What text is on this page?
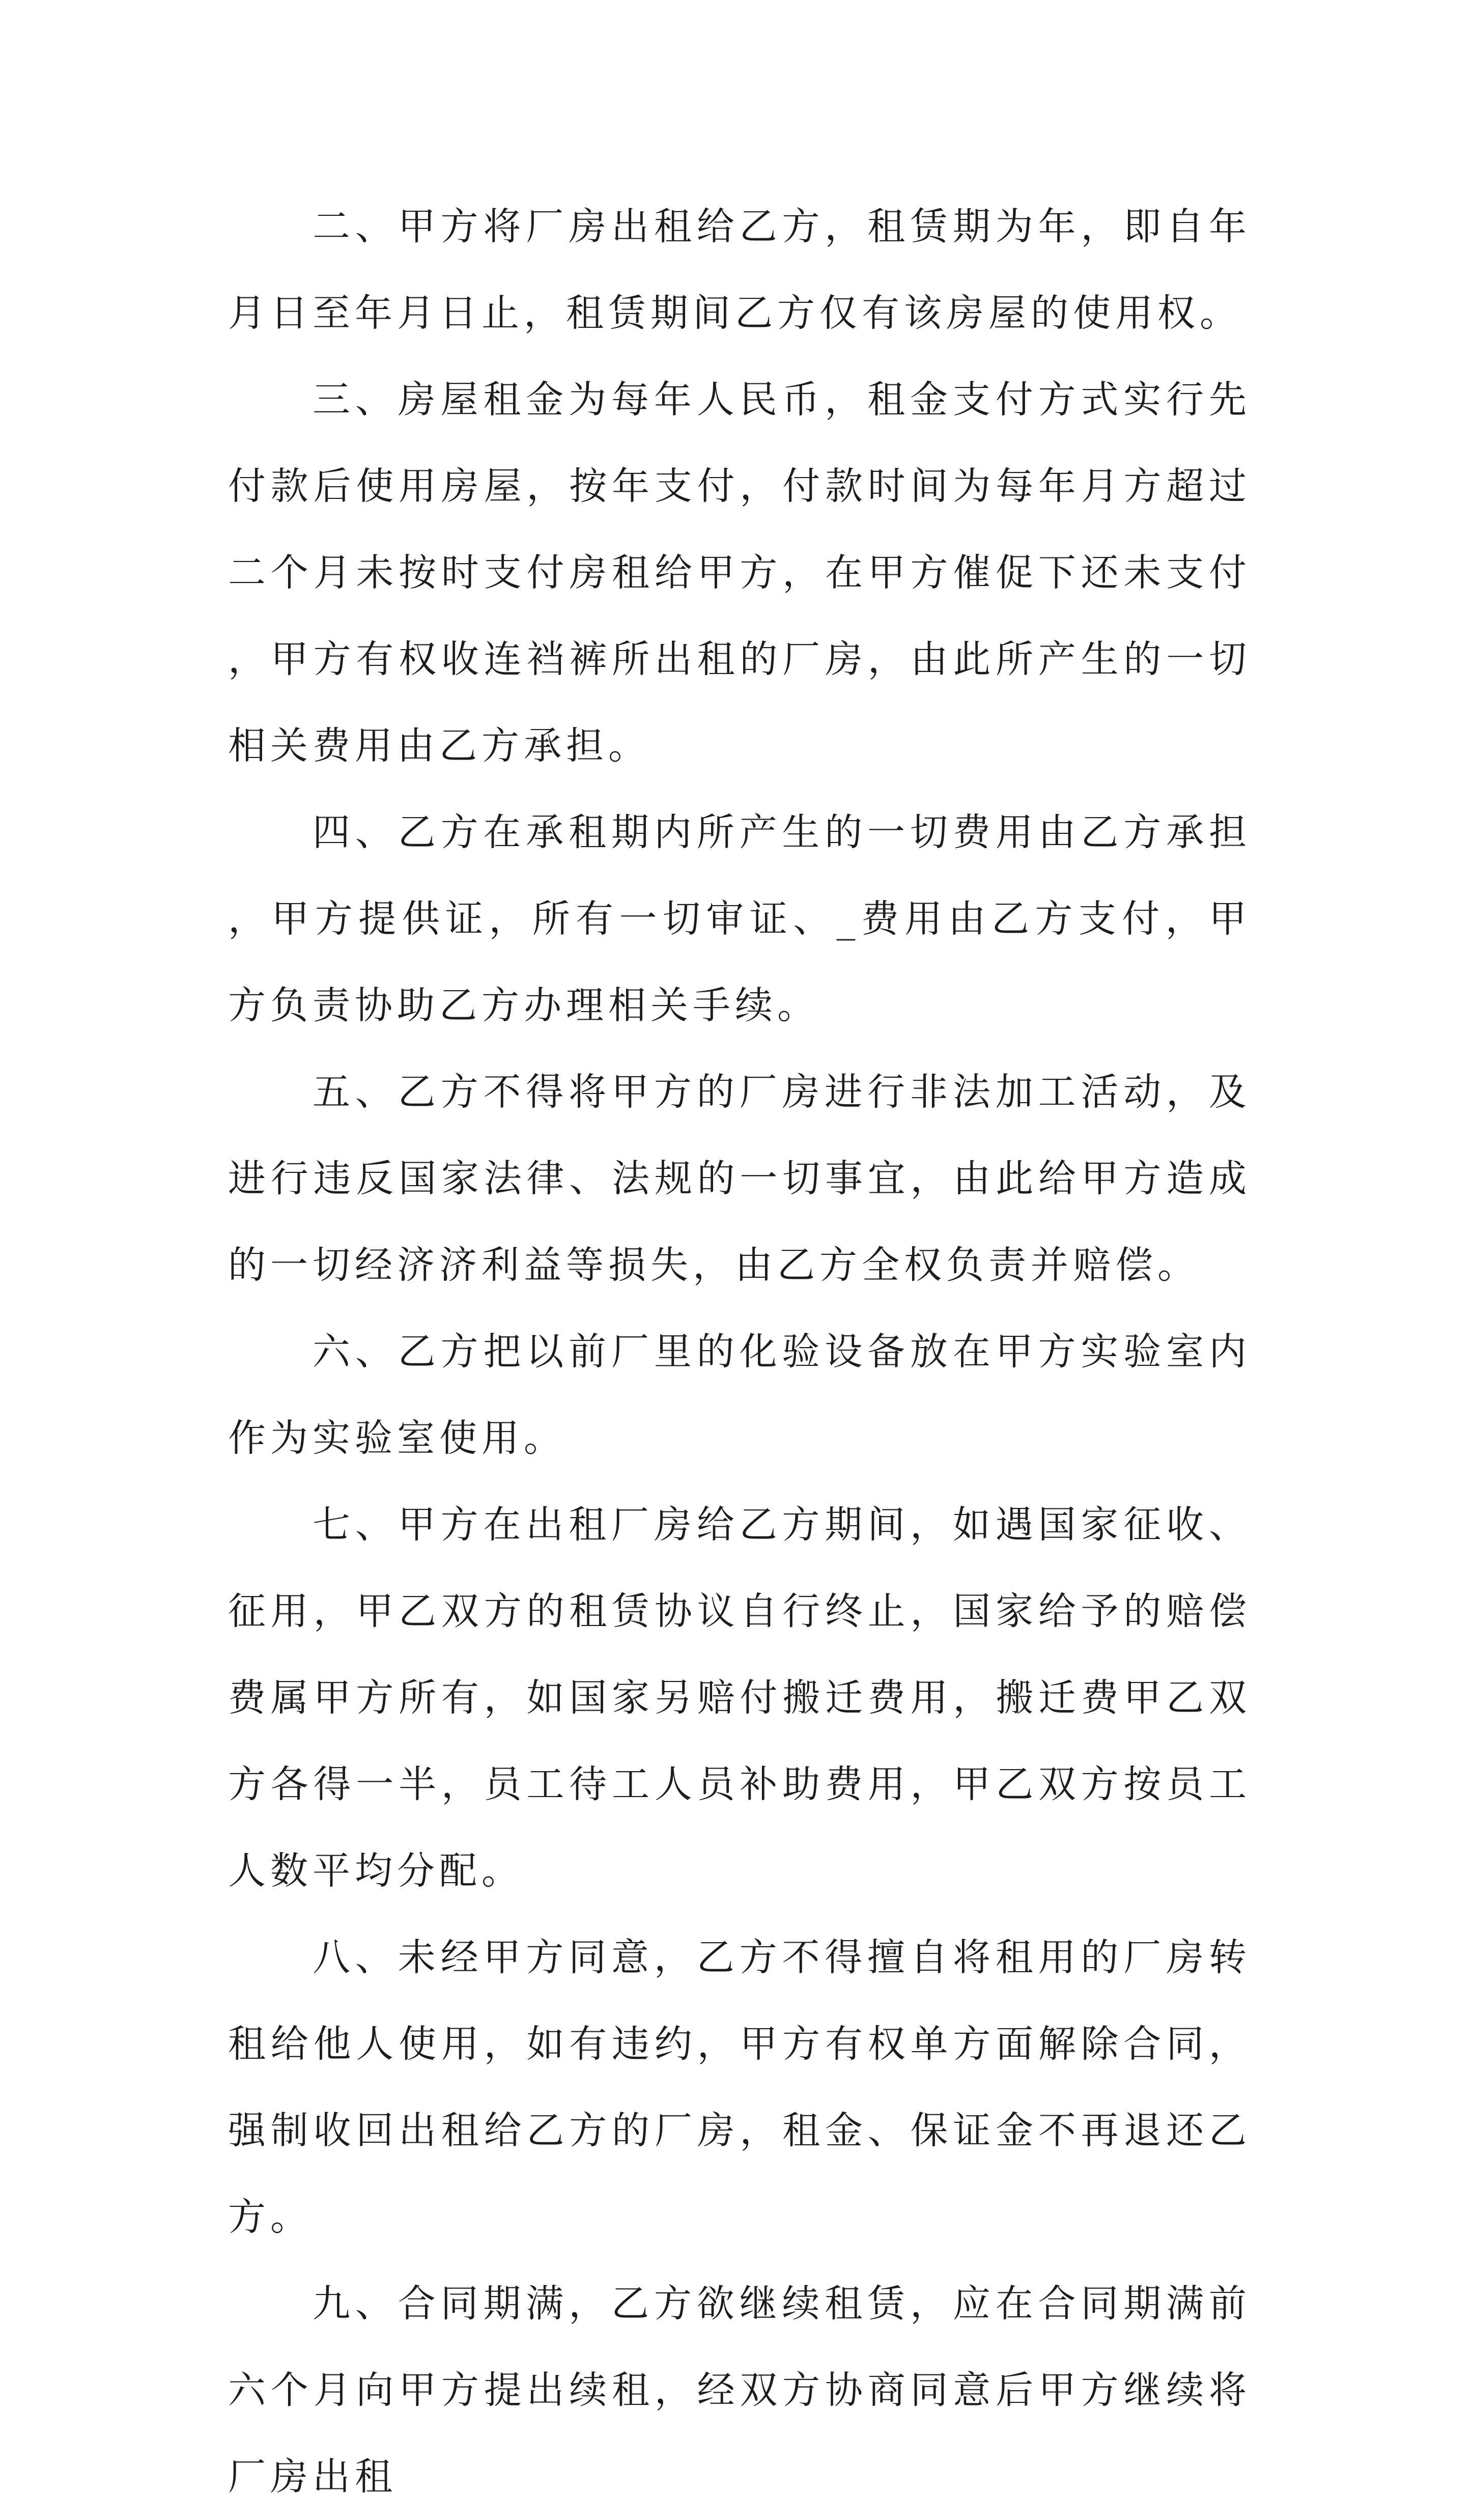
二、甲方将厂房出租给乙方，租赁期为年，即自年月日至年月日止，租赁期间乙方仅有该房屋的使用权。

三、房屋租金为每年人民币，租金支付方式实行先付款后使用房屋，按年支付，付款时间为每年月方超过二个月未按时支付房租给甲方，在甲方催促下还未支付，甲方有权收连裆裤所出租的厂房，由此所产生的一切相关费用由乙方承担。

四、乙方在承租期内所产生的一切费用由乙方承担，甲方提供证，所有一切审证、_费用由乙方支付，甲方负责协助乙方办理相关手续。

五、乙方不得将甲方的厂房进行非法加工活动，及进行违反国家法律、法规的一切事宜，由此给甲方造成的一切经济济利益等损失，由乙方全权负责并赔偿。

六、乙方把以前厂里的化验设备放在甲方实验室内作为实验室使用。

七、甲方在出租厂房给乙方期间，如遇国家征收、征用，甲乙双方的租赁协议自行终止，国家给予的赔偿费属甲方所有，如国家另赔付搬迁费用，搬迁费甲乙双方各得一半，员工待工人员补助费用，甲乙双方按员工人数平均分配。

八、未经甲方同意，乙方不得擅自将租用的厂房转租给他人使用，如有违约，甲方有权单方面解除合同，强制收回出租给乙方的厂房，租金、保证金不再退还乙方。

九、合同期满，乙方欲继续租赁，应在合同期满前六个月向甲方提出续租，经双方协商同意后甲方继续将厂房出租
